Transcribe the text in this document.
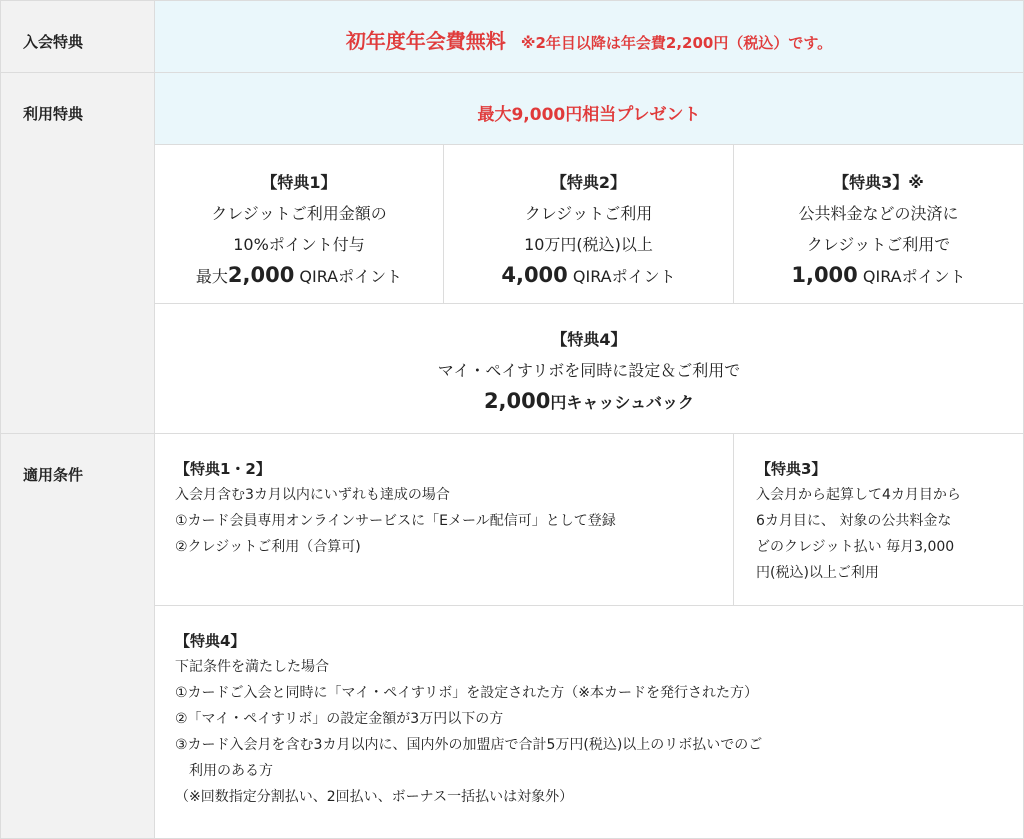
入会特典	初年度年会費無料 ※2年目以降は年会費2,200円（税込）です。
利用特典	最大9,000円相当プレゼント
【特典1】
クレジットご利用金額の
10%ポイント付与
最大2,000 QIRAポイント
【特典2】
クレジットご利用
10万円(税込)以上
4,000 QIRAポイント
【特典3】※
公共料金などの決済に
クレジットご利用で
1,000 QIRAポイント
【特典4】
マイ・ペイすリボを同時に設定＆ご利用で
2,000円キャッシュバック
適用条件	【特典1・2】
入会月含む3カ月以内にいずれも達成の場合
①カード会員専用オンラインサービスに「Eメール配信可」として登録
②クレジットご利用（合算可)
【特典3】
入会月から起算して4カ月目から
6カ月目に、 対象の公共料金な
どのクレジット払い 毎月3,000
円(税込)以上ご利用
【特典4】
下記条件を満たした場合
①カードご入会と同時に「マイ・ペイすリボ」を設定された方（※本カードを発行された方）
②「マイ・ペイすリボ」の設定金額が3万円以下の方
③カード入会月を含む3カ月以内に、国内外の加盟店で合計5万円(税込)以上のリボ払いでのご
　利用のある方
（※回数指定分割払い、2回払い、ボーナス一括払いは対象外）
